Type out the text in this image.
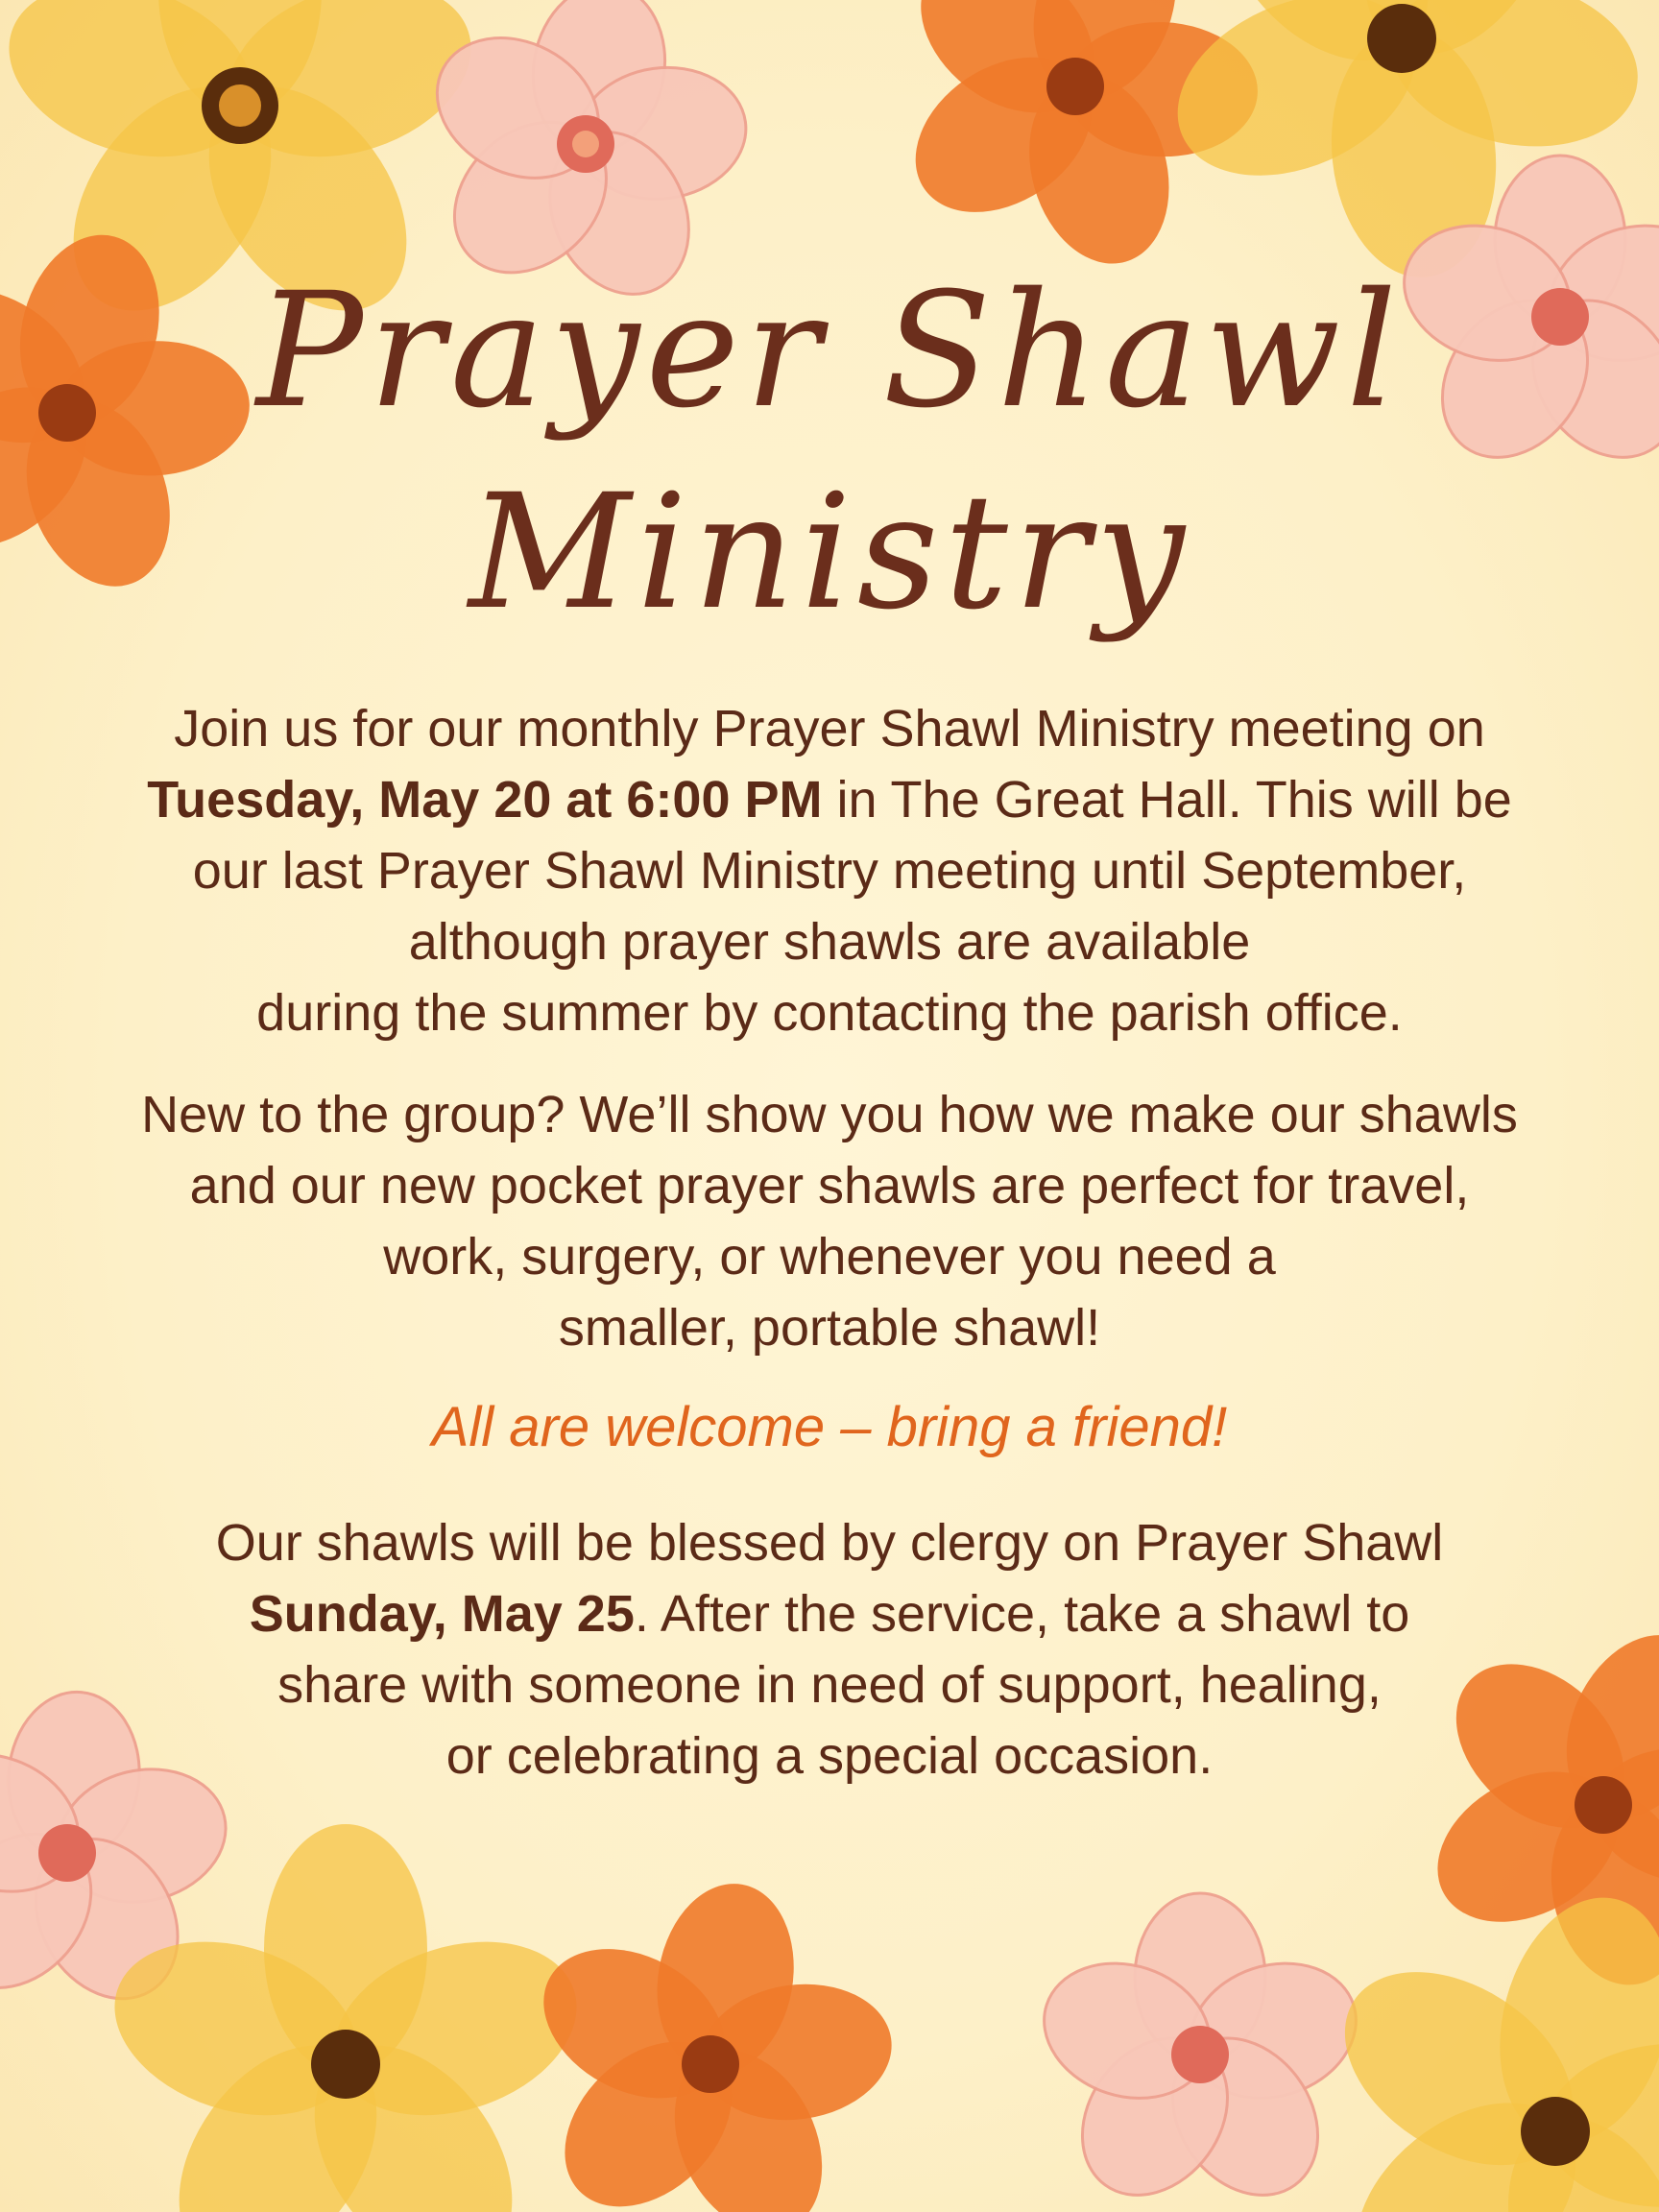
Prayer Shawl
Ministry

Join us for our monthly Prayer Shawl Ministry meeting on
Tuesday, May 20 at 6:00 PM in The Great Hall. This will be
our last Prayer Shawl Ministry meeting until September,
although prayer shawls are available
during the summer by contacting the parish office.

New to the group? We’ll show you how we make our shawls
and our new pocket prayer shawls are perfect for travel,
work, surgery, or whenever you need a
smaller, portable shawl!

All are welcome – bring a friend!

Our shawls will be blessed by clergy on Prayer Shawl
Sunday, May 25. After the service, take a shawl to
share with someone in need of support, healing,
or celebrating a special occasion.
